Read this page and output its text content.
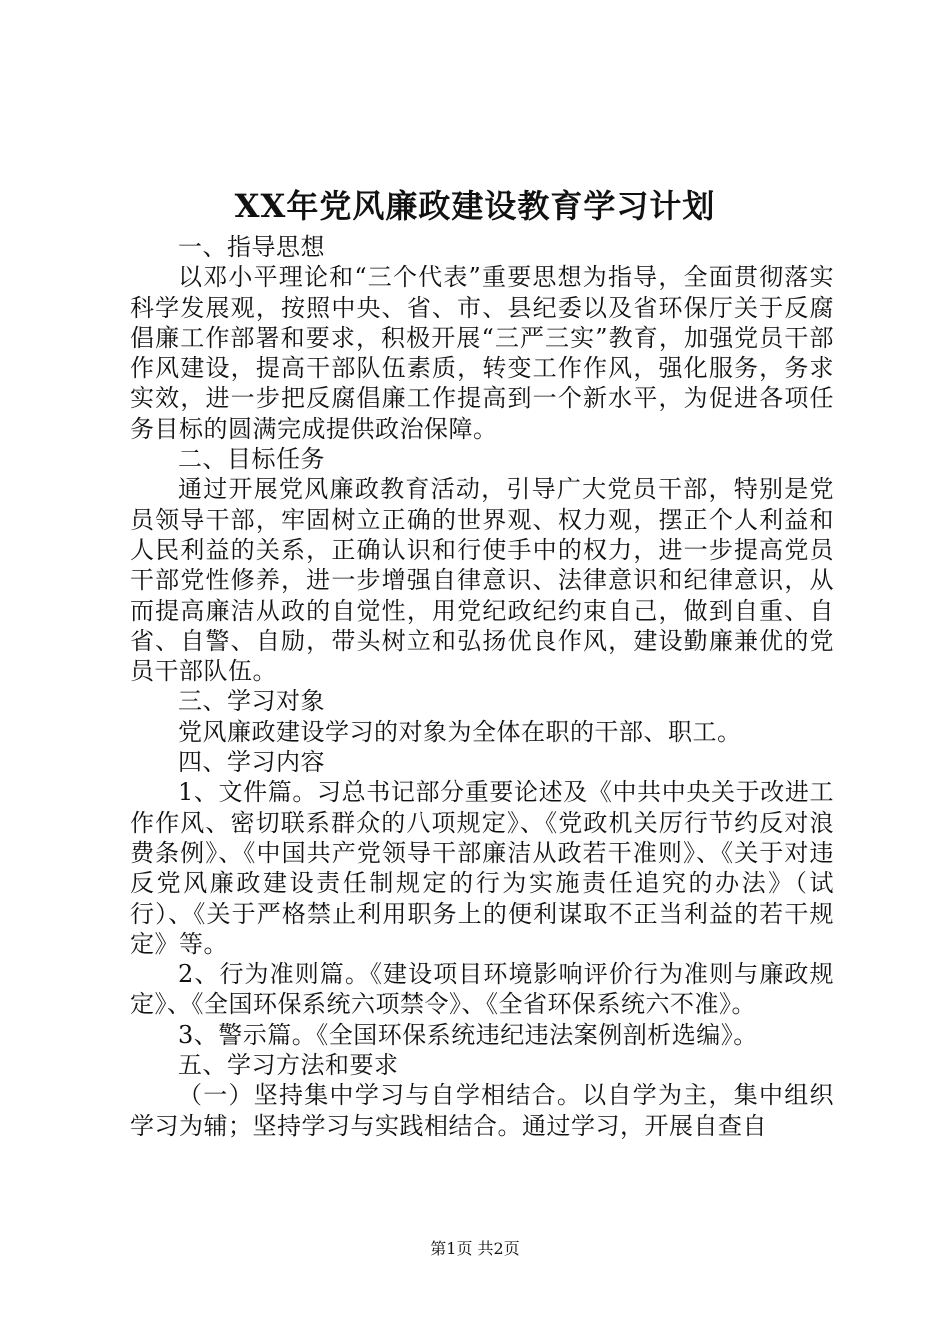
XX年党风廉政建设教育学习计划

一、指导思想

以邓小平理论和“三个代表”重要思想为指导，全面贯彻落实科学发展观，按照中央、省、市、县纪委以及省环保厅关于反腐倡廉工作部署和要求，积极开展“三严三实”教育，加强党员干部作风建设，提高干部队伍素质，转变工作作风，强化服务，务求实效，进一步把反腐倡廉工作提高到一个新水平，为促进各项任务目标的圆满完成提供政治保障。

二、目标任务

通过开展党风廉政教育活动，引导广大党员干部，特别是党员领导干部，牢固树立正确的世界观、权力观，摆正个人利益和人民利益的关系，正确认识和行使手中的权力，进一步提高党员干部党性修养，进一步增强自律意识、法律意识和纪律意识，从而提高廉洁从政的自觉性，用党纪政纪约束自己，做到自重、自省、自警、自励，带头树立和弘扬优良作风，建设勤廉兼优的党员干部队伍。

三、学习对象

党风廉政建设学习的对象为全体在职的干部、职工。

四、学习内容

1、文件篇。习总书记部分重要论述及《中共中央关于改进工作作风、密切联系群众的八项规定》、《党政机关厉行节约反对浪费条例》、《中国共产党领导干部廉洁从政若干准则》、《关于对违反党风廉政建设责任制规定的行为实施责任追究的办法》（试行）、《关于严格禁止利用职务上的便利谋取不正当利益的若干规定》等。

2、行为准则篇。《建设项目环境影响评价行为准则与廉政规定》、《全国环保系统六项禁令》、《全省环保系统六不准》。

3、警示篇。《全国环保系统违纪违法案例剖析选编》。

五、学习方法和要求

（一）坚持集中学习与自学相结合。以自学为主，集中组织学习为辅；坚持学习与实践相结合。通过学习，开展自查自

第1页 共2页
